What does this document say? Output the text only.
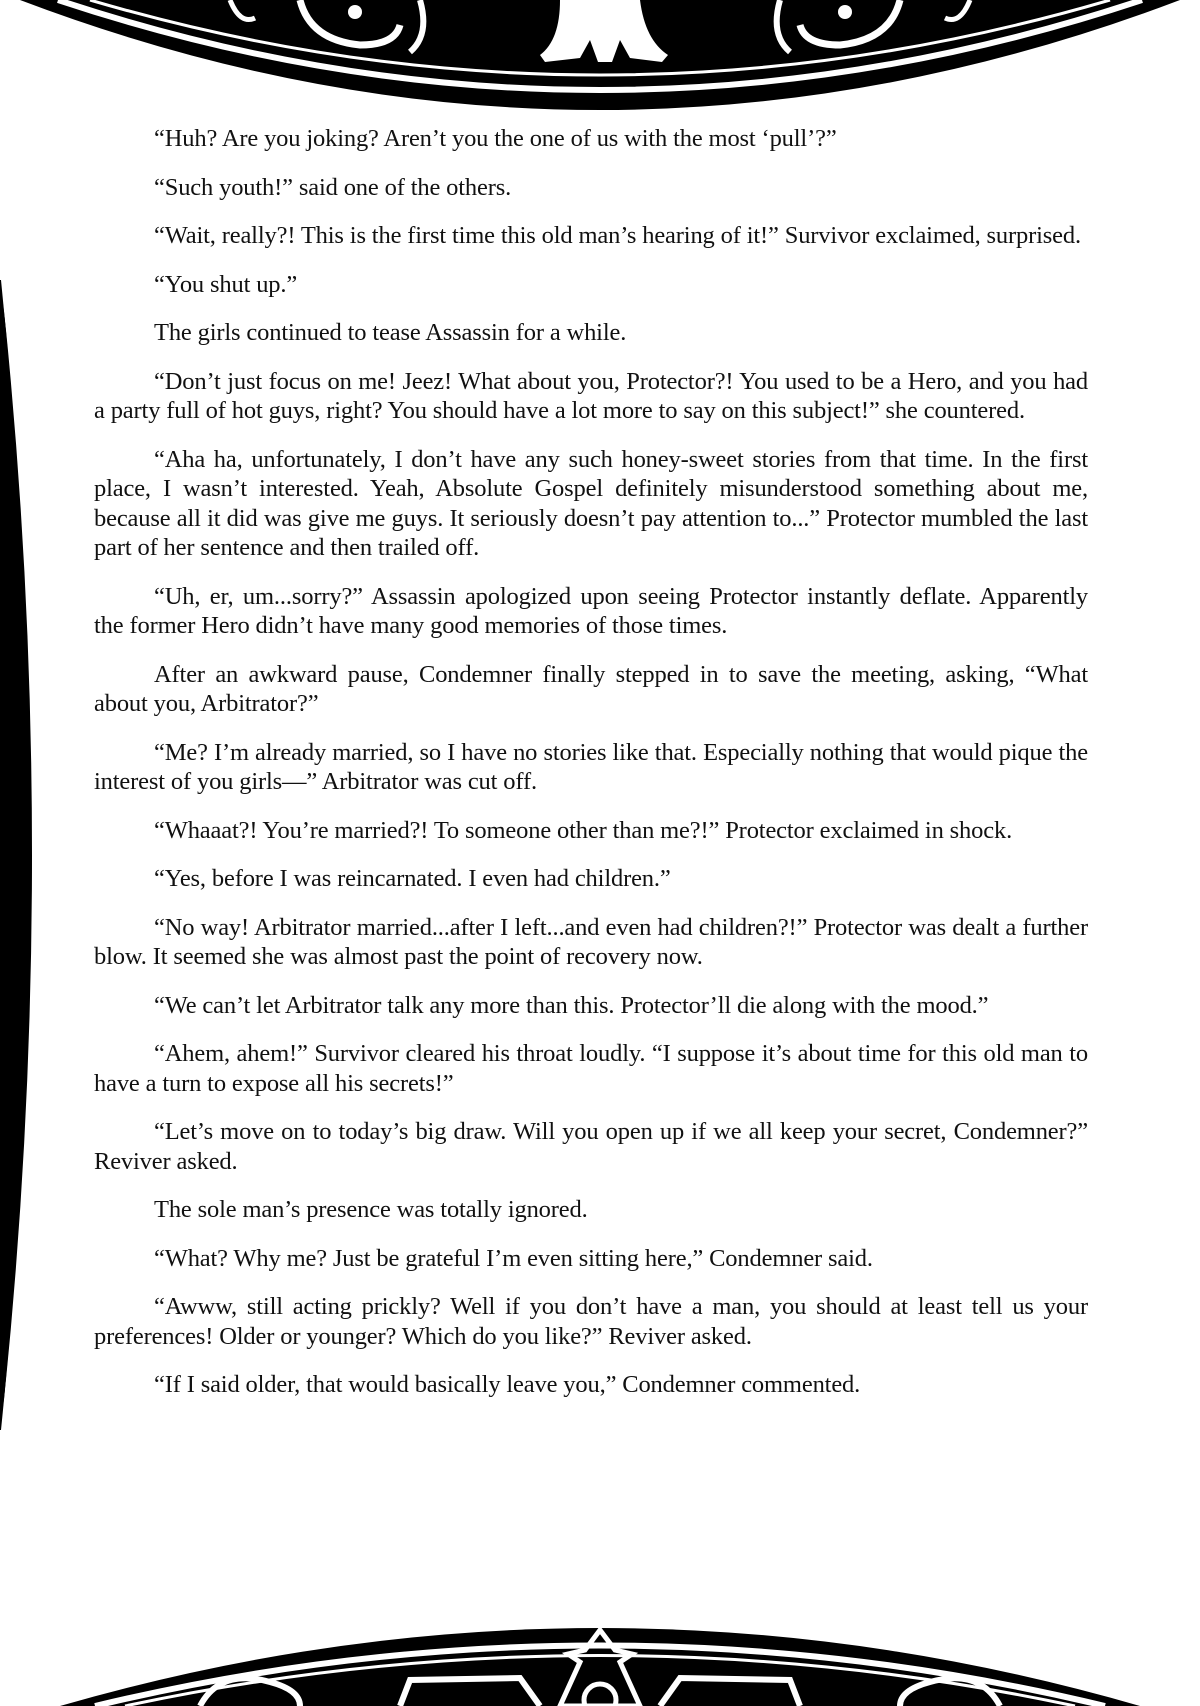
“Huh? Are you joking? Aren’t you the one of us with the most ‘pull’?”

“Such youth!” said one of the others.

“Wait, really?! This is the first time this old man’s hearing of it!” Survivor exclaimed, surprised.

“You shut up.”

The girls continued to tease Assassin for a while.

“Don’t just focus on me! Jeez! What about you, Protector?! You used to be a Hero, and you had a party full of hot guys, right? You should have a lot more to say on this subject!” she countered.

“Aha ha, unfortunately, I don’t have any such honey-sweet stories from that time. In the first place, I wasn’t interested. Yeah, Absolute Gospel definitely misunderstood something about me, because all it did was give me guys. It seriously doesn’t pay attention to...” Protector mumbled the last part of her sentence and then trailed off.

“Uh, er, um...sorry?” Assassin apologized upon seeing Protector instantly deflate. Apparently the former Hero didn’t have many good memories of those times.

After an awkward pause, Condemner finally stepped in to save the meeting, asking, “What about you, Arbitrator?”

“Me? I’m already married, so I have no stories like that. Especially nothing that would pique the interest of you girls—” Arbitrator was cut off.

“Whaaat?! You’re married?! To someone other than me?!” Protector exclaimed in shock.

“Yes, before I was reincarnated. I even had children.”

“No way! Arbitrator married...after I left...and even had children?!” Protector was dealt a further blow. It seemed she was almost past the point of recovery now.

“We can’t let Arbitrator talk any more than this. Protector’ll die along with the mood.”

“Ahem, ahem!” Survivor cleared his throat loudly. “I suppose it’s about time for this old man to have a turn to expose all his secrets!”

“Let’s move on to today’s big draw. Will you open up if we all keep your secret, Condemner?” Reviver asked.

The sole man’s presence was totally ignored.

“What? Why me? Just be grateful I’m even sitting here,” Condemner said.

“Awww, still acting prickly? Well if you don’t have a man, you should at least tell us your preferences! Older or younger? Which do you like?” Reviver asked.

“If I said older, that would basically leave you,” Condemner commented.
